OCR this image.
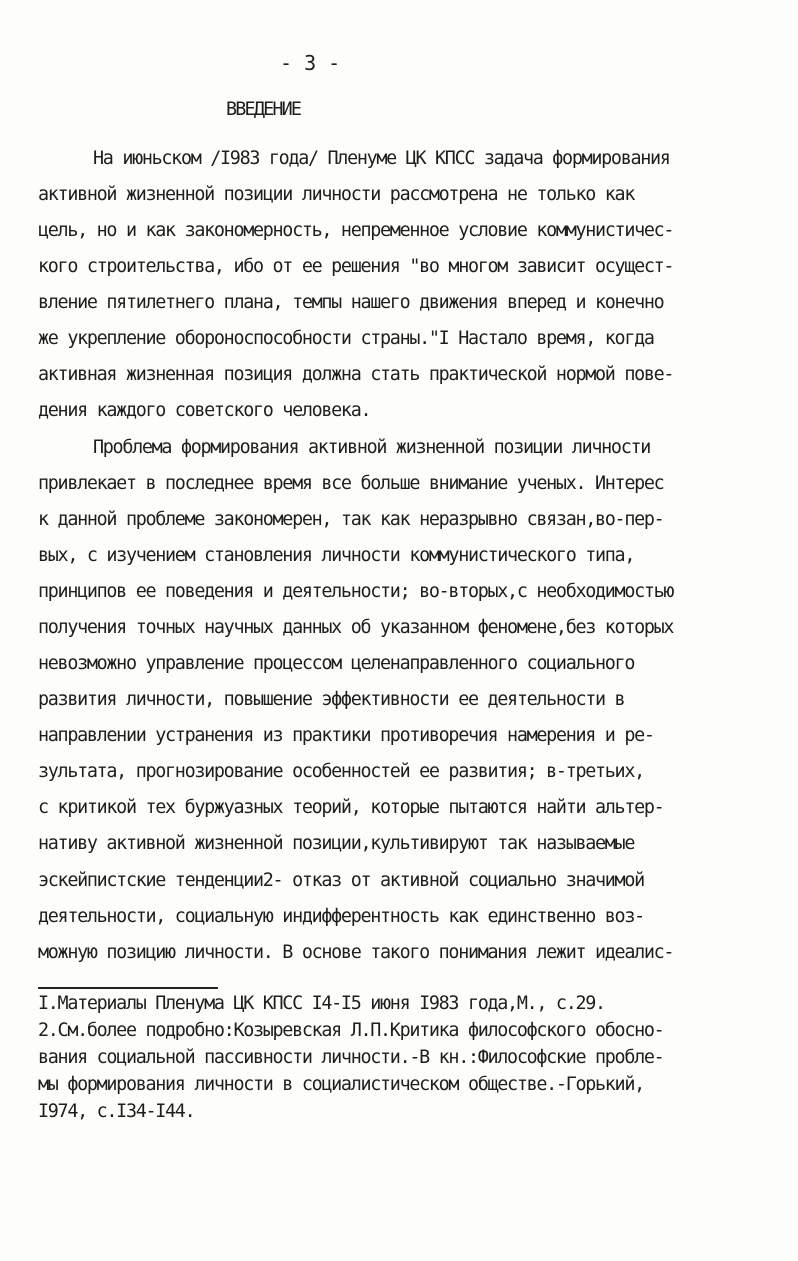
- 3 -
ВВЕДЕНИЕ
На июньском /I983 года/ Пленуме ЦК КПСС задача формирования
активной жизненной позиции личности рассмотрена не только как
цель, но и как закономерность, непременное условие коммунистичес-
кого строительства, ибо от ее решения "во многом зависит осущест-
вление пятилетнего плана, темпы нашего движения вперед и конечно
же укрепление обороноспособности страны."I Настало время, когда
активная жизненная позиция должна стать практической нормой пове-
дения каждого советского человека.
Проблема формирования активной жизненной позиции личности
привлекает в последнее время все больше внимание ученых. Интерес
к данной проблеме закономерен, так как неразрывно связан,во-пер-
вых, с изучением становления личности коммунистического типа,
принципов ее поведения и деятельности; во-вторых,с необходимостью
получения точных научных данных об указанном феномене,без которых
невозможно управление процессом целенаправленного социального
развития личности, повышение эффективности ее деятельности в
направлении устранения из практики противоречия намерения и ре-
зультата, прогнозирование особенностей ее развития; в-третьих,
с критикой тех буржуазных теорий, которые пытаются найти альтер-
нативу активной жизненной позиции,культивируют так называемые
эскейпистские тенденции2- отказ от активной социально значимой
деятельности, социальную индифферентность как единственно воз-
можную позицию личности. В основе такого понимания лежит идеалис-
I.Материалы Пленума ЦК КПСС I4-I5 июня I983 года,М., с.29.
2.См.более подробно:Козыревская Л.П.Критика философского обосно-
вания социальной пассивности личности.-В кн.:Философские пробле-
мы формирования личности в социалистическом обществе.-Горький,
I974, с.I34-I44.
